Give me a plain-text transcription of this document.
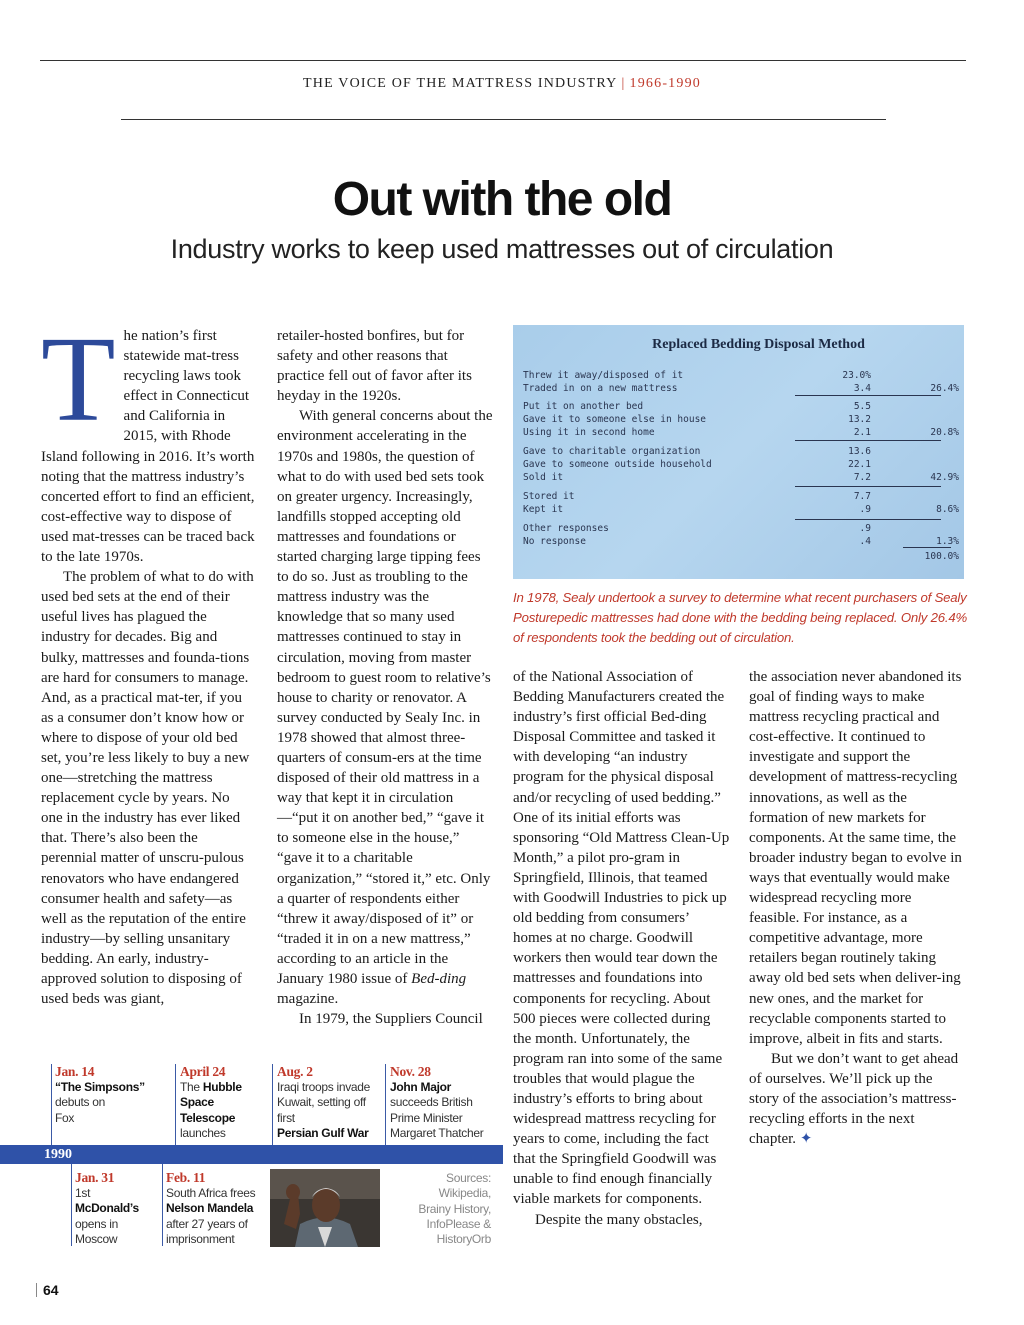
THE VOICE OF THE MATTRESS INDUSTRY | 1966-1990
Out with the old
Industry works to keep used mattresses out of circulation

The nation’s first statewide mat-tress recycling laws took effect in Connecticut and California in 2015, with Rhode Island following in 2016. It’s worth noting that the mattress industry’s concerted effort to find an efficient, cost-effective way to dispose of used mat-tresses can be traced back to the late 1970s.

The problem of what to do with used bed sets at the end of their useful lives has plagued the industry for decades. Big and bulky, mattresses and founda-tions are hard for consumers to manage. And, as a practical mat-ter, if you as a consumer don’t know how or where to dispose of your old bed set, you’re less likely to buy a new one—stretching the mattress replacement cycle by years. No one in the industry has ever liked that. There’s also been the perennial matter of unscru-pulous renovators who have endangered consumer health and safety—as well as the reputation of the entire industry—by selling unsanitary bedding. An early, industry-approved solution to disposing of used beds was giant,

retailer-hosted bonfires, but for safety and other reasons that practice fell out of favor after its heyday in the 1920s.

With general concerns about the environment accelerating in the 1970s and 1980s, the question of what to do with used bed sets took on greater urgency. Increasingly, landfills stopped accepting old mattresses and foundations or started charging large tipping fees to do so. Just as troubling to the mattress industry was the knowledge that so many used mattresses continued to stay in circulation, moving from master bedroom to guest room to relative’s house to charity or renovator. A survey conducted by Sealy Inc. in 1978 showed that almost three-quarters of consum-ers at the time disposed of their old mattress in a way that kept it in circulation—“put it on another bed,” “gave it to someone else in the house,” “gave it to a charitable organization,” “stored it,” etc. Only a quarter of respondents either “threw it away/disposed of it” or “traded it in on a new mattress,” according to an article in the January 1980 issue of Bed-ding magazine.

In 1979, the Suppliers Council

Replaced Bedding Disposal Method
Threw it away/disposed of it	23.0%
Traded in on a new mattress	3.4	26.4%
Put it on another bed	5.5
Gave it to someone else in house	13.2
Using it in second home	2.1	20.8%
Gave to charitable organization	13.6
Gave to someone outside household	22.1
Sold it	7.2	42.9%
Stored it	7.7
Kept it	.9	8.6%
Other responses	.9
No response	.4	1.3%
100.0%
In 1978, Sealy undertook a survey to determine what recent purchasers of Sealy Posturepedic mattresses had done with the bedding being replaced. Only 26.4% of respondents took the bedding out of circulation.

of the National Association of Bedding Manufacturers created the industry’s first official Bed-ding Disposal Committee and tasked it with developing “an industry program for the physical disposal and/or recycling of used bedding.” One of its initial efforts was sponsoring “Old Mattress Clean-Up Month,” a pilot pro-gram in Springfield, Illinois, that teamed with Goodwill Industries to pick up old bedding from consumers’ homes at no charge. Goodwill workers then would tear down the mattresses and foundations into components for recycling. About 500 pieces were collected during the month. Unfortunately, the program ran into some of the same troubles that would plague the industry’s efforts to bring about widespread mattress recycling for years to come, including the fact that the Springfield Goodwill was unable to find enough financially viable markets for components.

Despite the many obstacles,

the association never abandoned its goal of finding ways to make mattress recycling practical and cost-effective. It continued to investigate and support the development of mattress-recycling innovations, as well as the formation of new markets for components. At the same time, the broader industry began to evolve in ways that eventually would make widespread recycling more feasible. For instance, as a competitive advantage, more retailers began routinely taking away old bed sets when deliver-ing new ones, and the market for recyclable components started to improve, albeit in fits and starts.

But we don’t want to get ahead of ourselves. We’ll pick up the story of the association’s mattress-recycling efforts in the next chapter. ✦

Jan. 14
“The Simpsons”
debuts on Fox
April 24
The Hubble Space Telescope
launches
Aug. 2
Iraqi troops invade Kuwait, setting off first
Persian Gulf War
Nov. 28
John Major
succeeds British Prime Minister Margaret Thatcher
1990
Jan. 31
1st
McDonald’s
opens in Moscow
Feb. 11
South Africa frees
Nelson Mandela
after 27 years of imprisonment
Sources: Wikipedia, Brainy History, InfoPlease & HistoryOrb
64
